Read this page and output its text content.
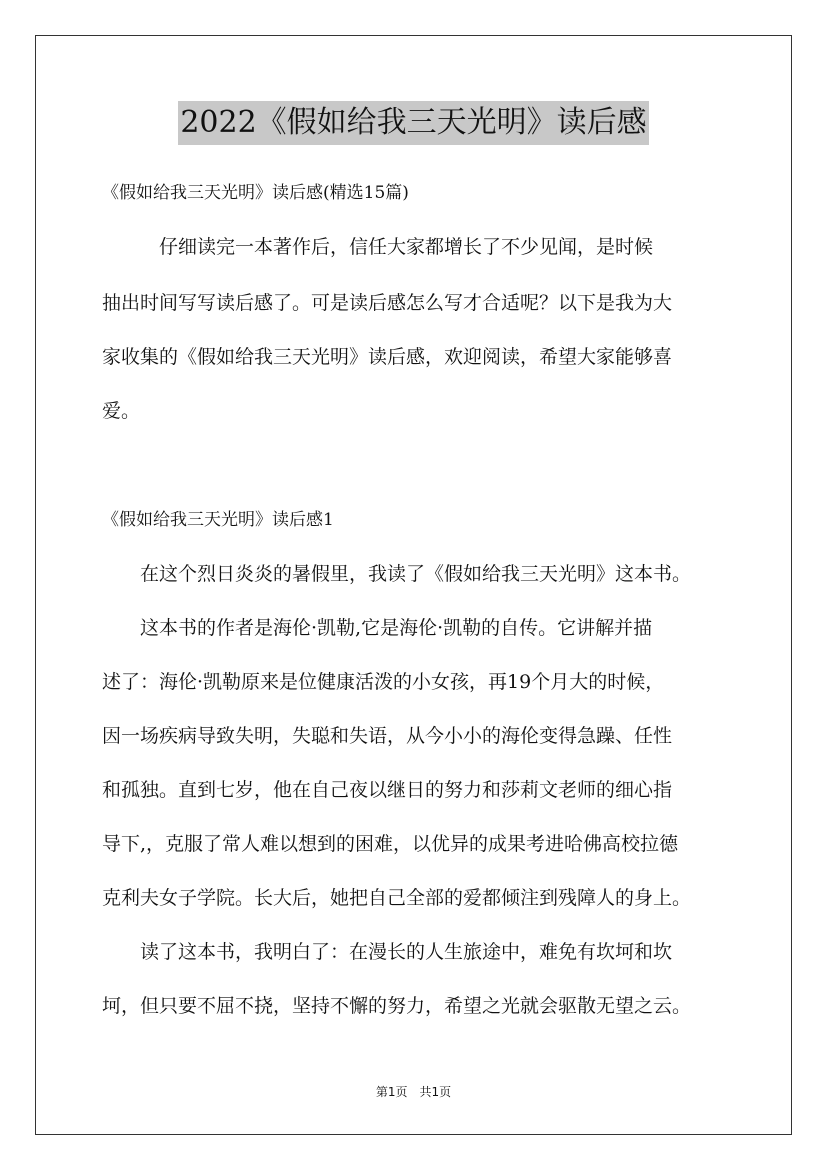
2022《假如给我三天光明》读后感
《假如给我三天光明》读后感(精选15篇)
　　　仔细读完一本著作后，信任大家都增长了不少见闻，是时候
抽出时间写写读后感了。可是读后感怎么写才合适呢？以下是我为大
家收集的《假如给我三天光明》读后感，欢迎阅读，希望大家能够喜
爱。
《假如给我三天光明》读后感1
　　在这个烈日炎炎的暑假里，我读了《假如给我三天光明》这本书。
　　这本书的作者是海伦·凯勒,它是海伦·凯勒的自传。它讲解并描
述了：海伦·凯勒原来是位健康活泼的小女孩，再19个月大的时候，
因一场疾病导致失明，失聪和失语，从今小小的海伦变得急躁、任性
和孤独。直到七岁，他在自己夜以继日的努力和莎莉文老师的细心指
导下,，克服了常人难以想到的困难，以优异的成果考进哈佛高校拉德
克利夫女子学院。长大后，她把自己全部的爱都倾注到残障人的身上。
　　读了这本书，我明白了：在漫长的人生旅途中，难免有坎坷和坎
坷，但只要不屈不挠，坚持不懈的努力，希望之光就会驱散无望之云。
第1页　共1页
